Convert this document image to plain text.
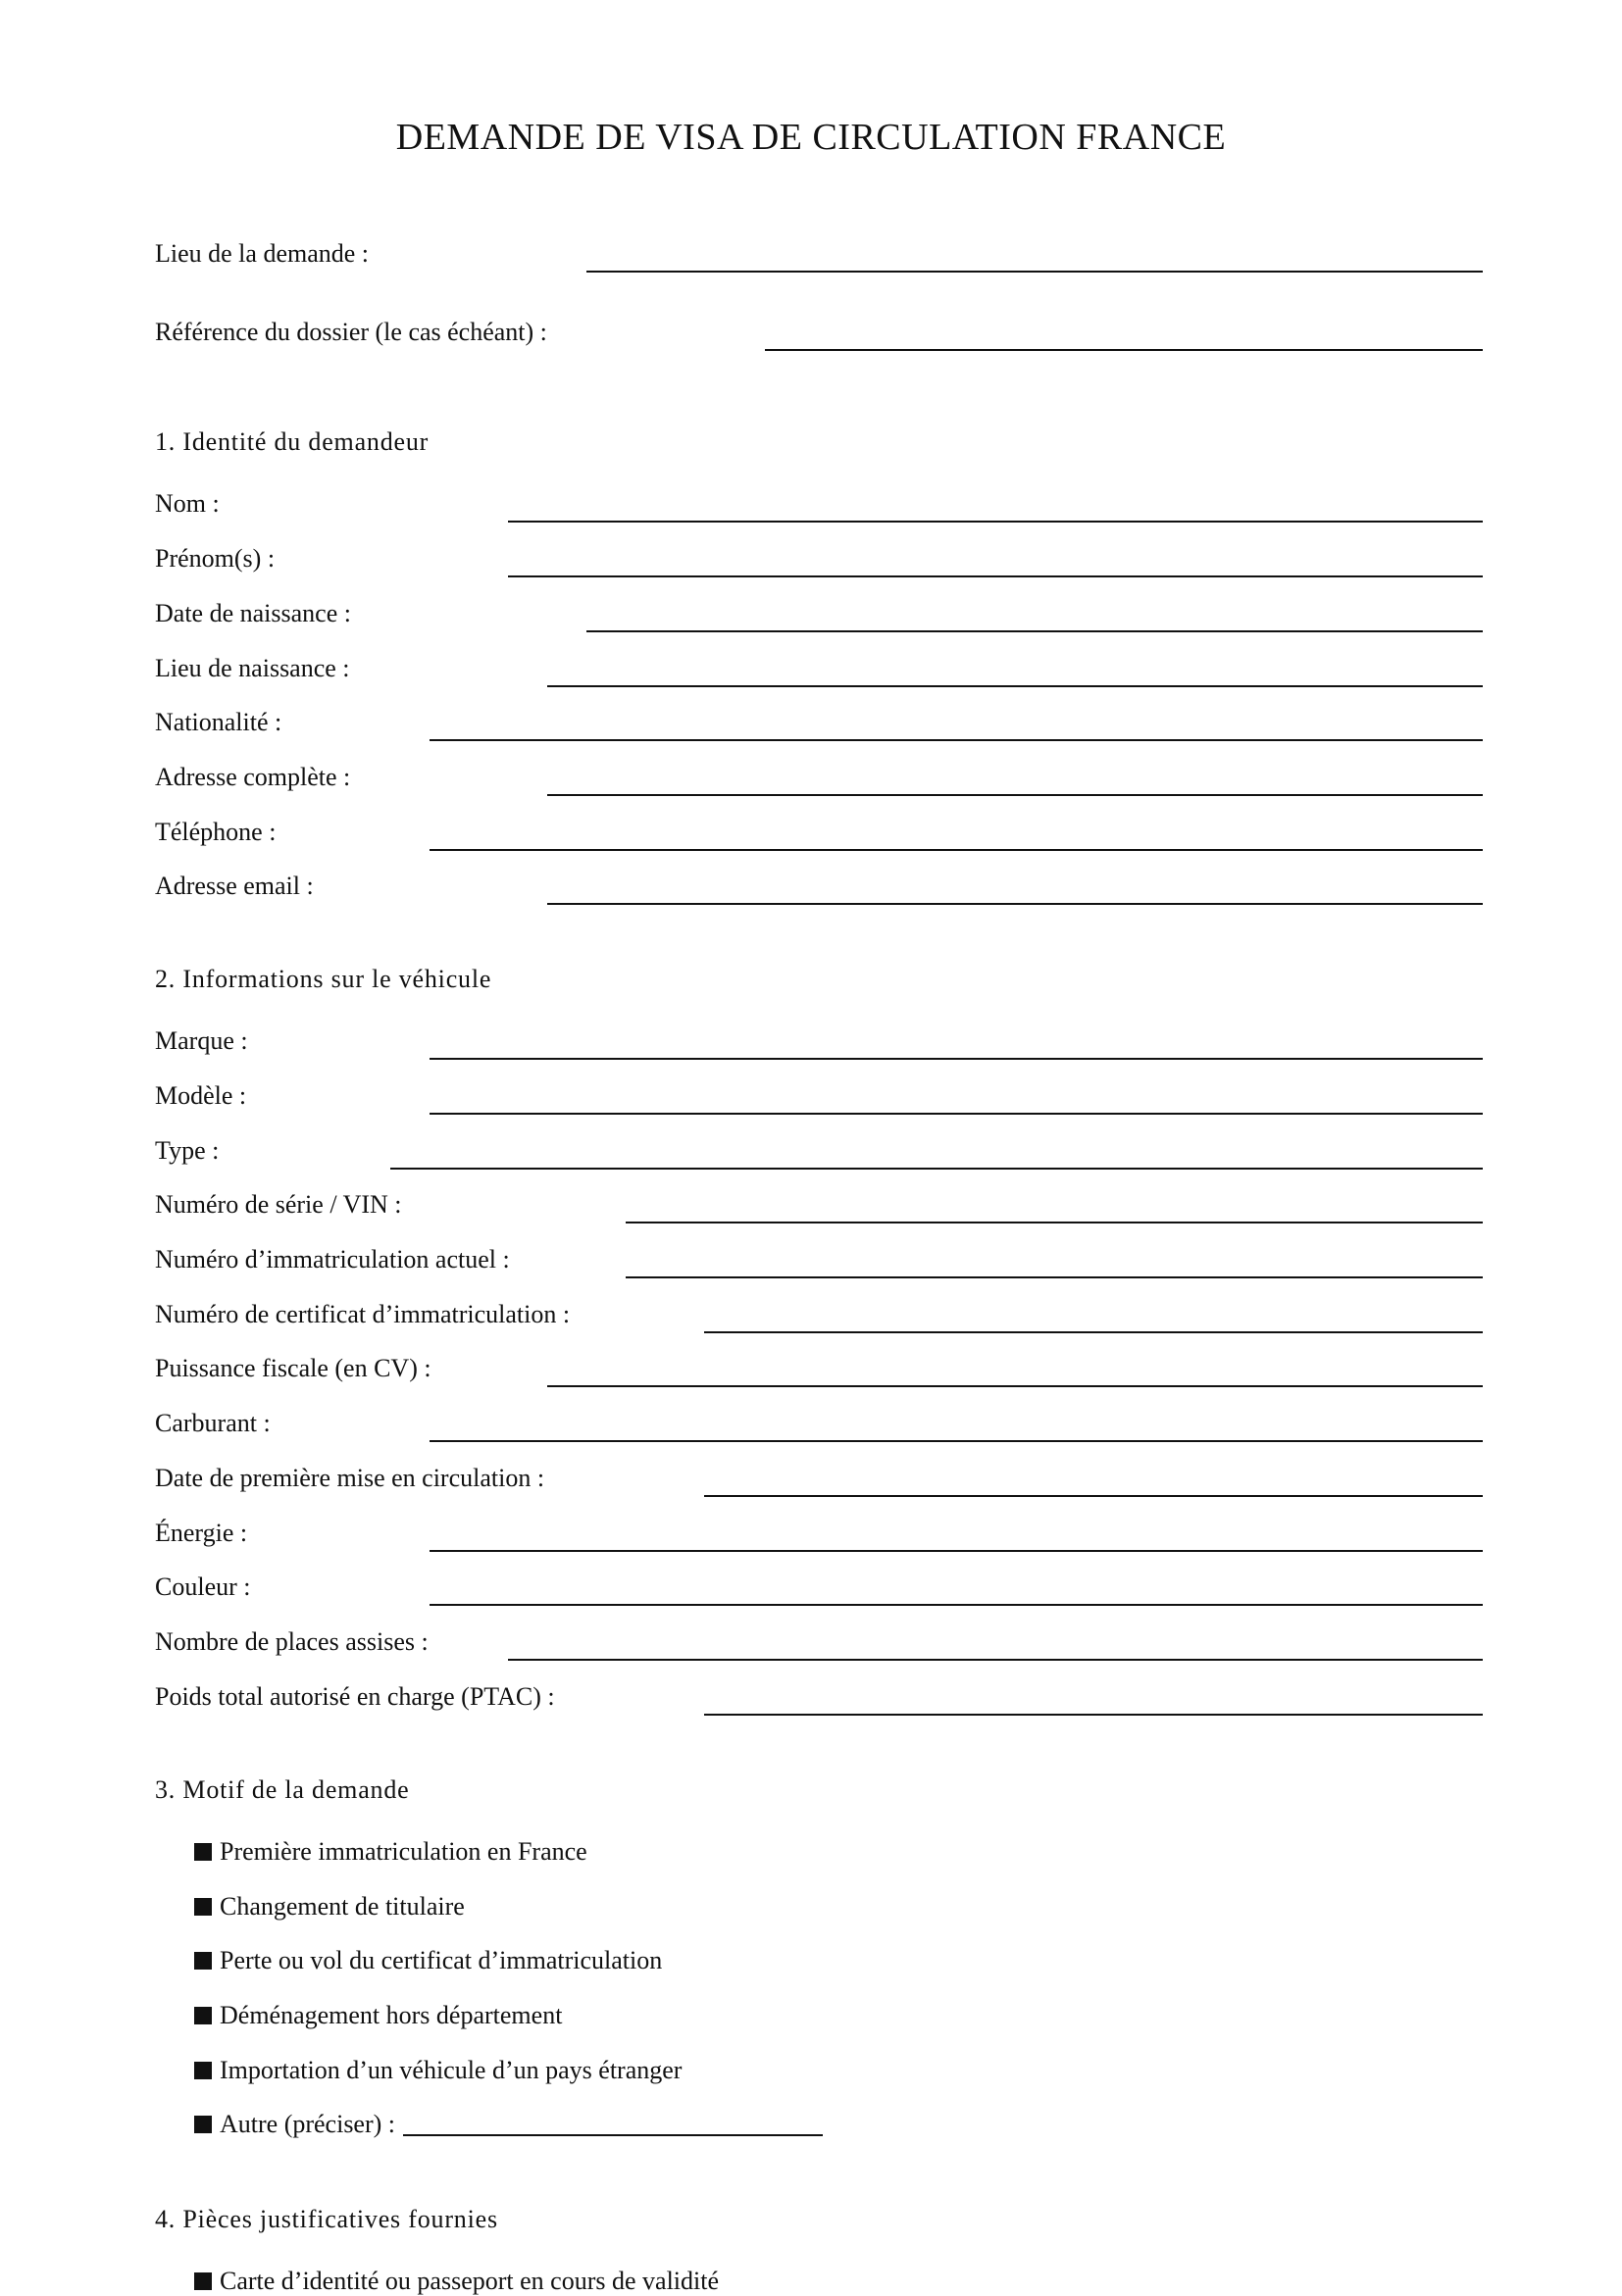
DEMANDE DE VISA DE CIRCULATION FRANCE
Lieu de la demande :
Référence du dossier (le cas échéant) :
1. Identité du demandeur
Nom :
Prénom(s) :
Date de naissance :
Lieu de naissance :
Nationalité :
Adresse complète :
Téléphone :
Adresse email :
2. Informations sur le véhicule
Marque :
Modèle :
Type :
Numéro de série / VIN :
Numéro d’immatriculation actuel :
Numéro de certificat d’immatriculation :
Puissance fiscale (en CV) :
Carburant :
Date de première mise en circulation :
Énergie :
Couleur :
Nombre de places assises :
Poids total autorisé en charge (PTAC) :
3. Motif de la demande
Première immatriculation en France
Changement de titulaire
Perte ou vol du certificat d’immatriculation
Déménagement hors département
Importation d’un véhicule d’un pays étranger
Autre (préciser) :
4. Pièces justificatives fournies
Carte d’identité ou passeport en cours de validité
